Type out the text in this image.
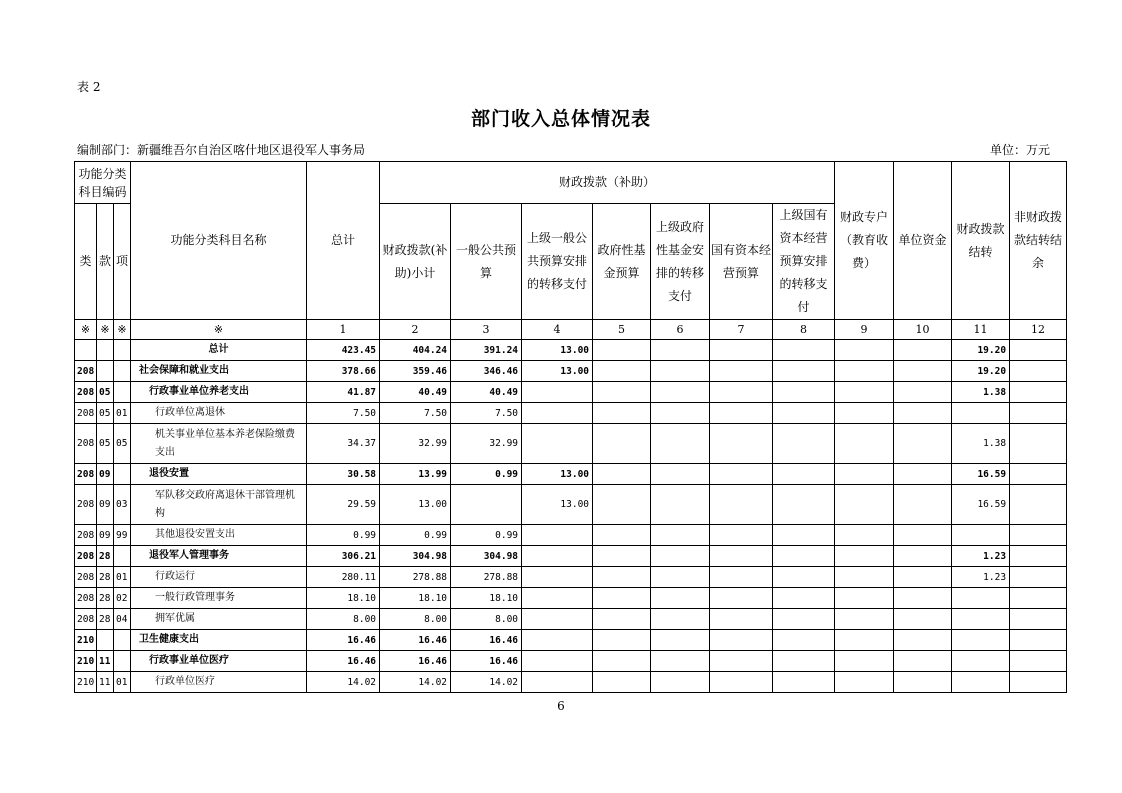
表 2
部门收入总体情况表
编制部门：新疆维吾尔自治区喀什地区退役军人事务局	单位：万元
功能分类科目编码			功能分类科目名称	总计	财政拨款（补助）							财政专户（教育收费）	单位资金	财政拨款结转	非财政拨款结转结余
类	款	项			财政拨款(补助)小计	一般公共预算	上级一般公共预算安排的转移支付	政府性基金预算	上级政府性基金安排的转移支付	国有资本经营预算	上级国有资本经营预算安排的转移支付				
※	※	※	※	1	2	3	4	5	6	7	8	9	10	11	12
			总计	423.45	404.24	391.24	13.00							19.20	
208			社会保障和就业支出	378.66	359.46	346.46	13.00							19.20	
208	05		行政事业单位养老支出	41.87	40.49	40.49								1.38	
208	05	01	行政单位离退休	7.50	7.50	7.50									
208	05	05	机关事业单位基本养老保险缴费支出	34.37	32.99	32.99								1.38	
208	09		退役安置	30.58	13.99	0.99	13.00							16.59	
208	09	03	军队移交政府离退休干部管理机构	29.59	13.00		13.00							16.59	
208	09	99	其他退役安置支出	0.99	0.99	0.99									
208	28		退役军人管理事务	306.21	304.98	304.98								1.23	
208	28	01	行政运行	280.11	278.88	278.88								1.23	
208	28	02	一般行政管理事务	18.10	18.10	18.10									
208	28	04	拥军优属	8.00	8.00	8.00									
210			卫生健康支出	16.46	16.46	16.46									
210	11		行政事业单位医疗	16.46	16.46	16.46									
210	11	01	行政单位医疗	14.02	14.02	14.02									
6
